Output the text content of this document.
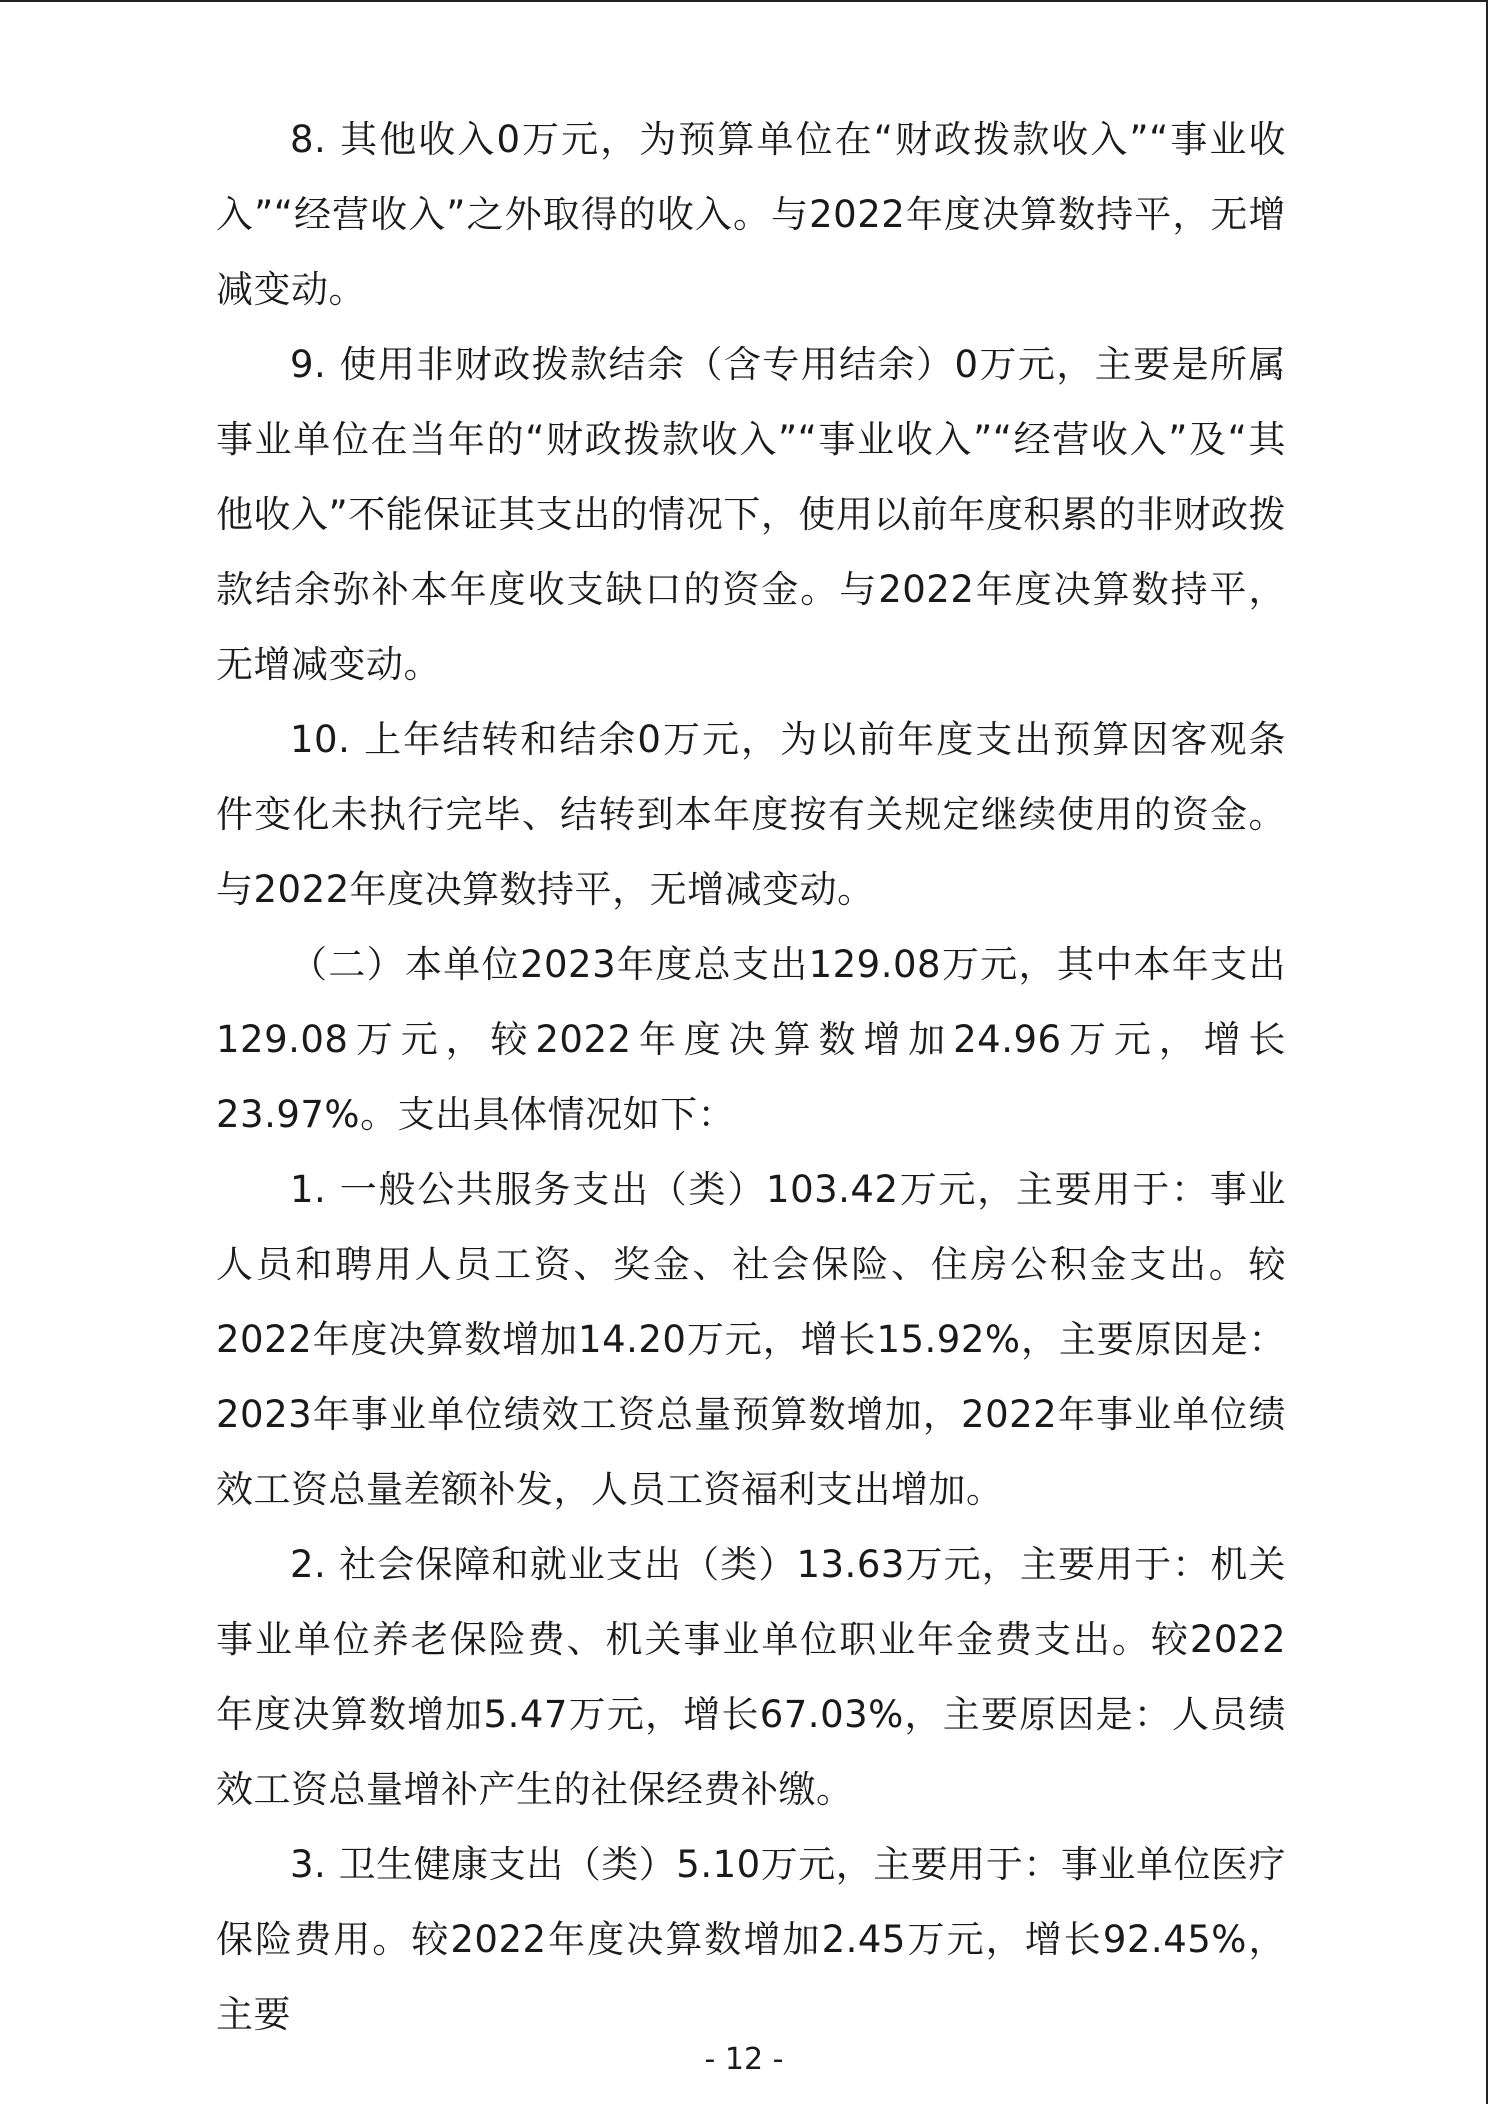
8. 其他收入0万元，为预算单位在“财政拨款收入”“事业收入”“经营收入”之外取得的收入。与2022年度决算数持平，无增减变动。

9. 使用非财政拨款结余（含专用结余）0万元，主要是所属事业单位在当年的“财政拨款收入”“事业收入”“经营收入”及“其他收入”不能保证其支出的情况下，使用以前年度积累的非财政拨款结余弥补本年度收支缺口的资金。与2022年度决算数持平，无增减变动。

10. 上年结转和结余0万元，为以前年度支出预算因客观条件变化未执行完毕、结转到本年度按有关规定继续使用的资金。与2022年度决算数持平，无增减变动。

（二）本单位2023年度总支出129.08万元，其中本年支出129.08万元，较2022年度决算数增加24.96万元，增长23.97%。支出具体情况如下：

1. 一般公共服务支出（类）103.42万元，主要用于：事业人员和聘用人员工资、奖金、社会保险、住房公积金支出。较2022年度决算数增加14.20万元，增长15.92%，主要原因是：2023年事业单位绩效工资总量预算数增加，2022年事业单位绩效工资总量差额补发，人员工资福利支出增加。

2. 社会保障和就业支出（类）13.63万元，主要用于：机关事业单位养老保险费、机关事业单位职业年金费支出。较2022年度决算数增加5.47万元，增长67.03%，主要原因是：人员绩效工资总量增补产生的社保经费补缴。

3. 卫生健康支出（类）5.10万元，主要用于：事业单位医疗保险费用。较2022年度决算数增加2.45万元，增长92.45%，主要

- 12 -
